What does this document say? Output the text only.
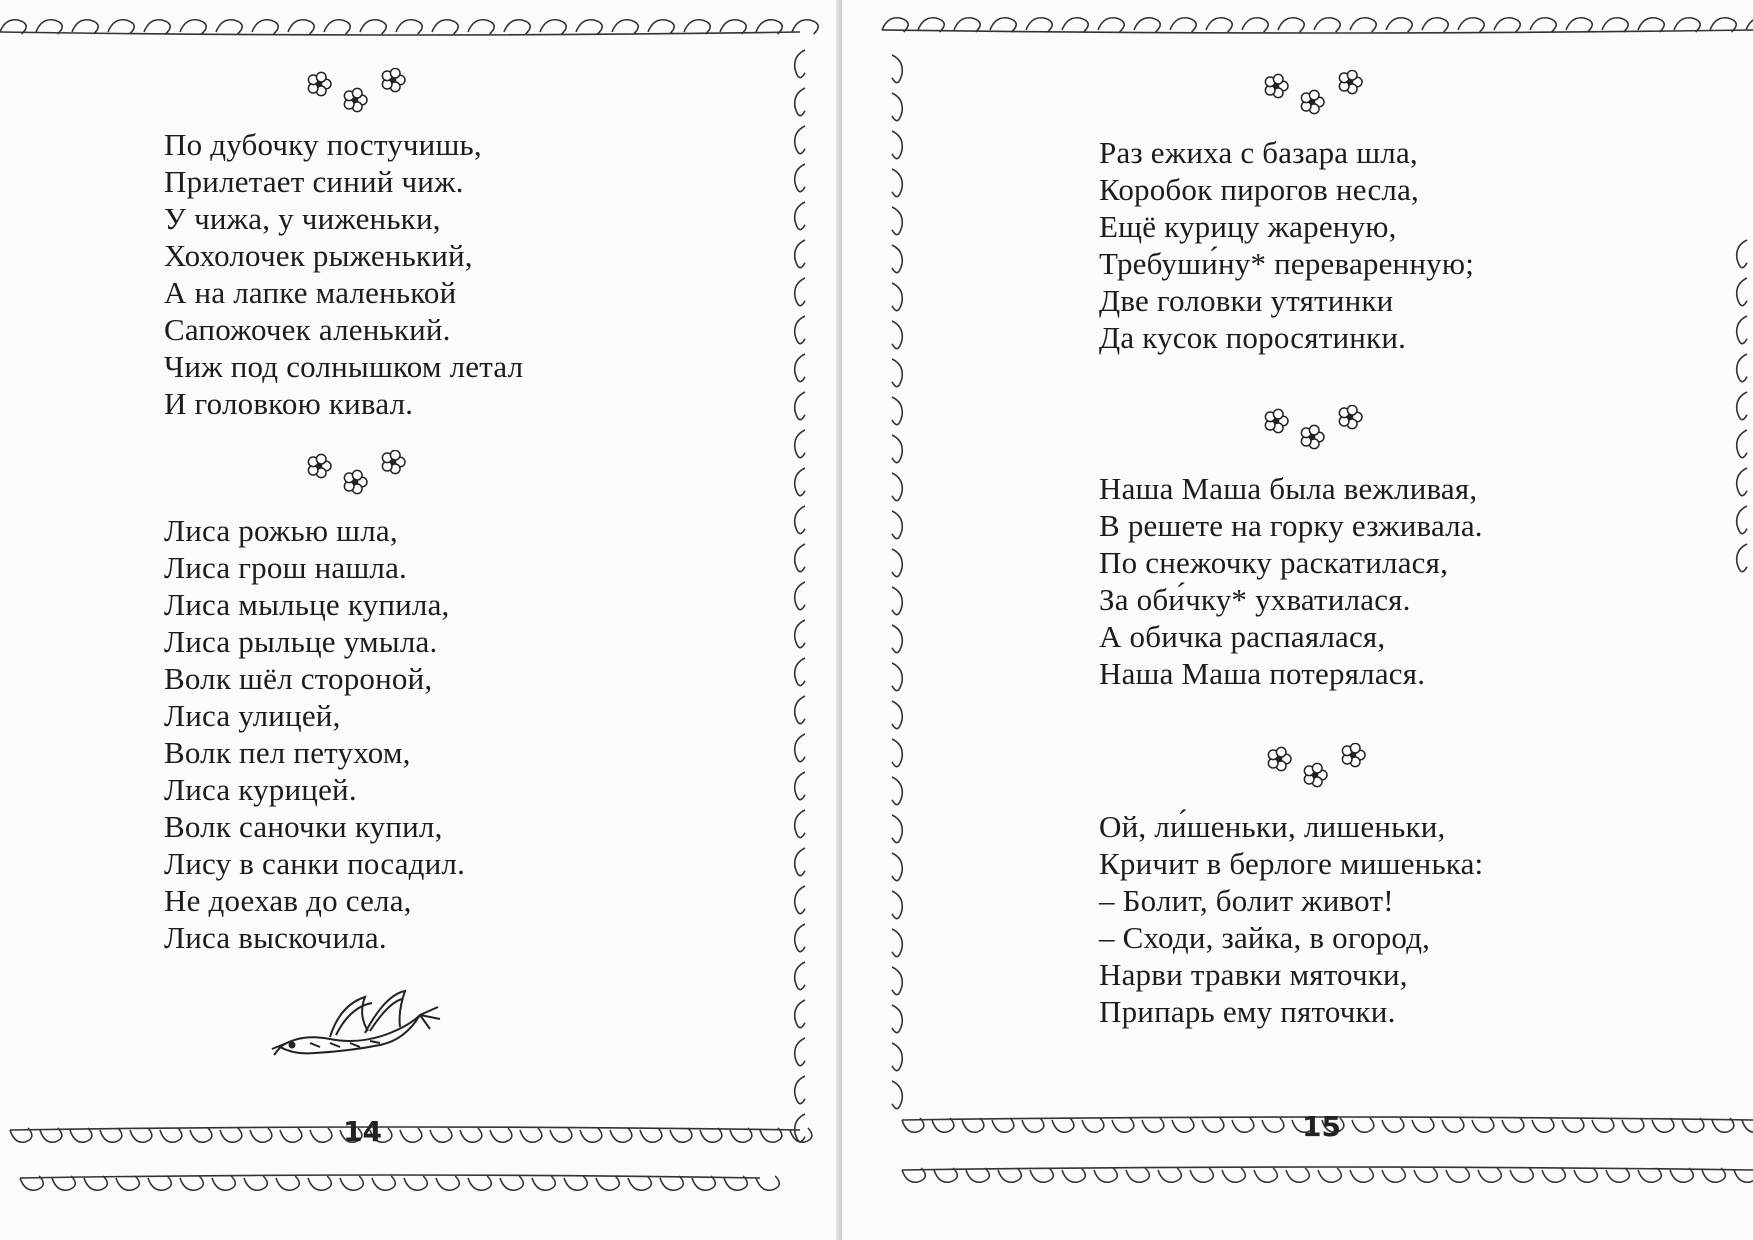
По дубочку постучишь,
Прилетает синий чиж.
У чижа, у чиженьки,
Хохолочек рыженький,
А на лапке маленькой
Сапожочек аленький.
Чиж под солнышком летал
И головкою кивал.
Лиса рожью шла,
Лиса грош нашла.
Лиса мыльце купила,
Лиса рыльце умыла.
Волк шёл стороной,
Лиса улицей,
Волк пел петухом,
Лиса курицей.
Волк саночки купил,
Лису в санки посадил.
Не доехав до села,
Лиса выскочила.
14
Раз ежиха с базара шла,
Коробок пирогов несла,
Ещё курицу жареную,
Требуши́ну* переваренную;
Две головки утятинки
Да кусок поросятинки.
Наша Маша была вежливая,
В решете на горку езживала.
По снежочку раскатилася,
За оби́чку* ухватилася.
А обичка распаялася,
Наша Маша потерялася.
Ой, ли́шеньки, лишеньки,
Кричит в берлоге мишенька:
– Болит, болит живот!
– Сходи, зайка, в огород,
Нарви травки мяточки,
Припарь ему пяточки.
15
